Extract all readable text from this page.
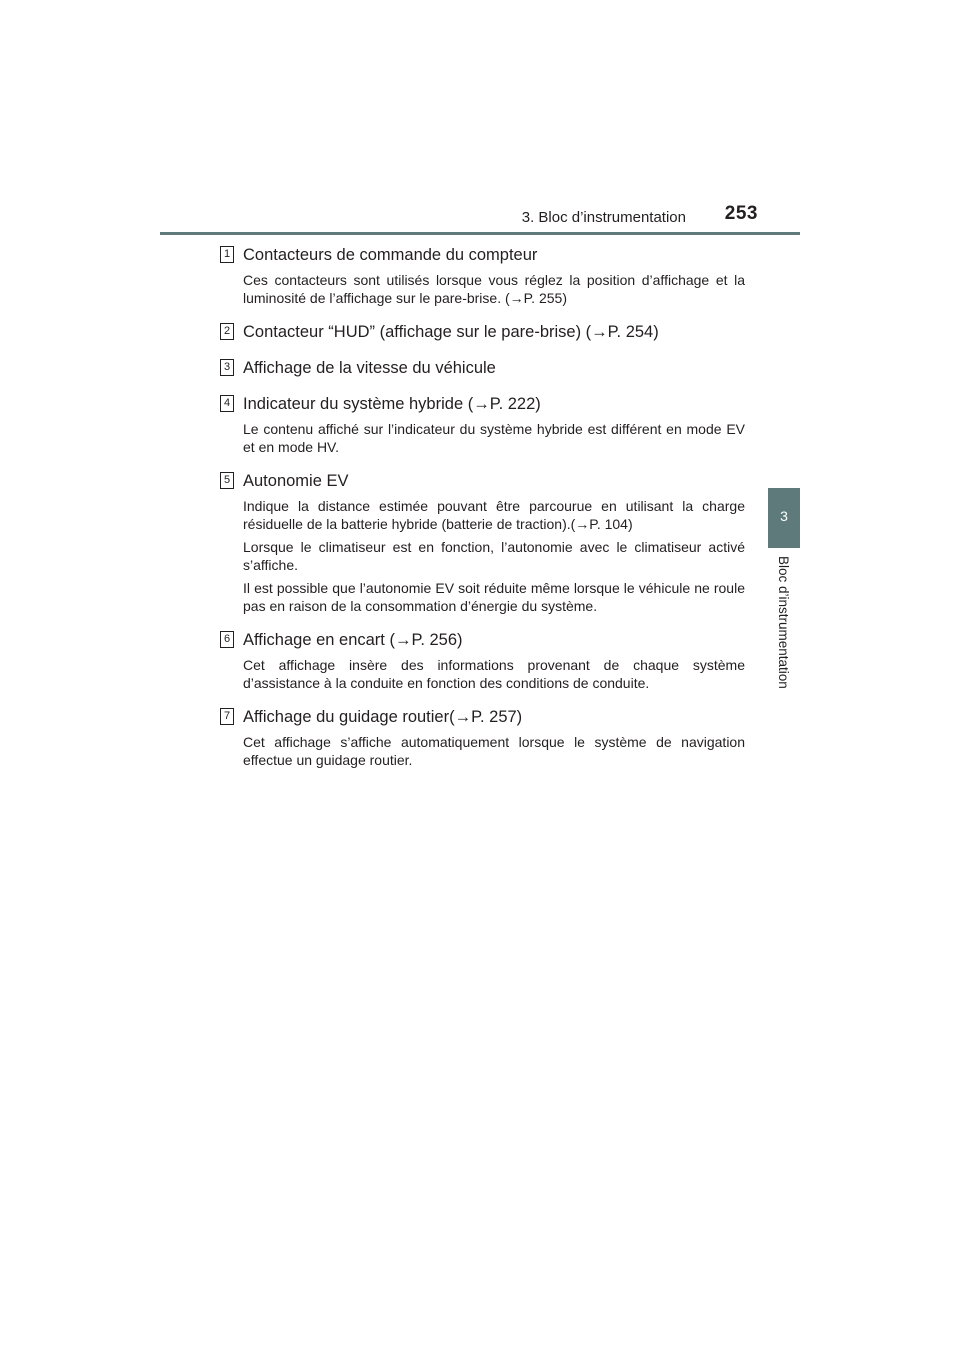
3. Bloc d’instrumentation 253
3
Bloc d’instrumentation
1 Contacteurs de commande du compteur
Ces contacteurs sont utilisés lorsque vous réglez la position d’affichage et la luminosité de l’affichage sur le pare-brise. (→P. 255)
2 Contacteur “HUD” (affichage sur le pare-brise) (→P. 254)
3 Affichage de la vitesse du véhicule
4 Indicateur du système hybride (→P. 222)
Le contenu affiché sur l’indicateur du système hybride est différent en mode EV et en mode HV.
5 Autonomie EV
Indique la distance estimée pouvant être parcourue en utilisant la charge résiduelle de la batterie hybride (batterie de traction).(→P. 104)
Lorsque le climatiseur est en fonction, l’autonomie avec le climatiseur activé s’affiche.
Il est possible que l’autonomie EV soit réduite même lorsque le véhicule ne roule pas en raison de la consommation d’énergie du système.
6 Affichage en encart (→P. 256)
Cet affichage insère des informations provenant de chaque système d’assistance à la conduite en fonction des conditions de conduite.
7 Affichage du guidage routier(→P. 257)
Cet affichage s’affiche automatiquement lorsque le système de navigation effectue un guidage routier.
